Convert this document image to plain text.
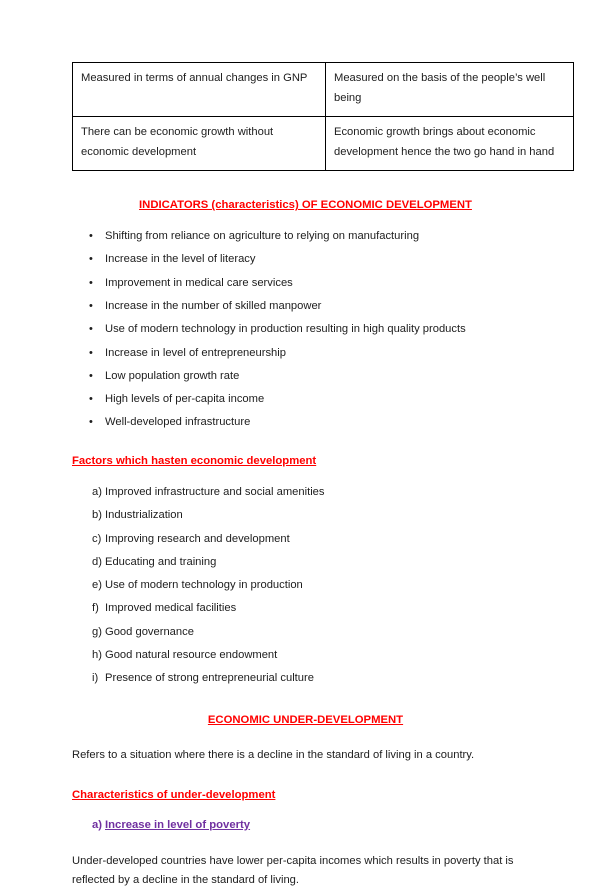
Measured in terms of annual changes in GNP	Measured on the basis of the people’s well being
There can be economic growth without economic development	Economic growth brings about economic development hence the two go hand in hand
INDICATORS (characteristics) OF ECONOMIC DEVELOPMENT
• Shifting from reliance on agriculture to relying on manufacturing
• Increase in the level of literacy
• Improvement in medical care services
• Increase in the number of skilled manpower
• Use of modern technology in production resulting in high quality products
• Increase in level of entrepreneurship
• Low population growth rate
• High levels of per-capita income
• Well-developed infrastructure
Factors which hasten economic development
a) Improved infrastructure and social amenities
b) Industrialization
c) Improving research and development
d) Educating and training
e) Use of modern technology in production
f) Improved medical facilities
g) Good governance
h) Good natural resource endowment
i) Presence of strong entrepreneurial culture
ECONOMIC UNDER-DEVELOPMENT

Refers to a situation where there is a decline in the standard of living in a country.

Characteristics of under-development
a) Increase in level of poverty

Under-developed countries have lower per-capita incomes which results in poverty that is reflected by a decline in the standard of living.
